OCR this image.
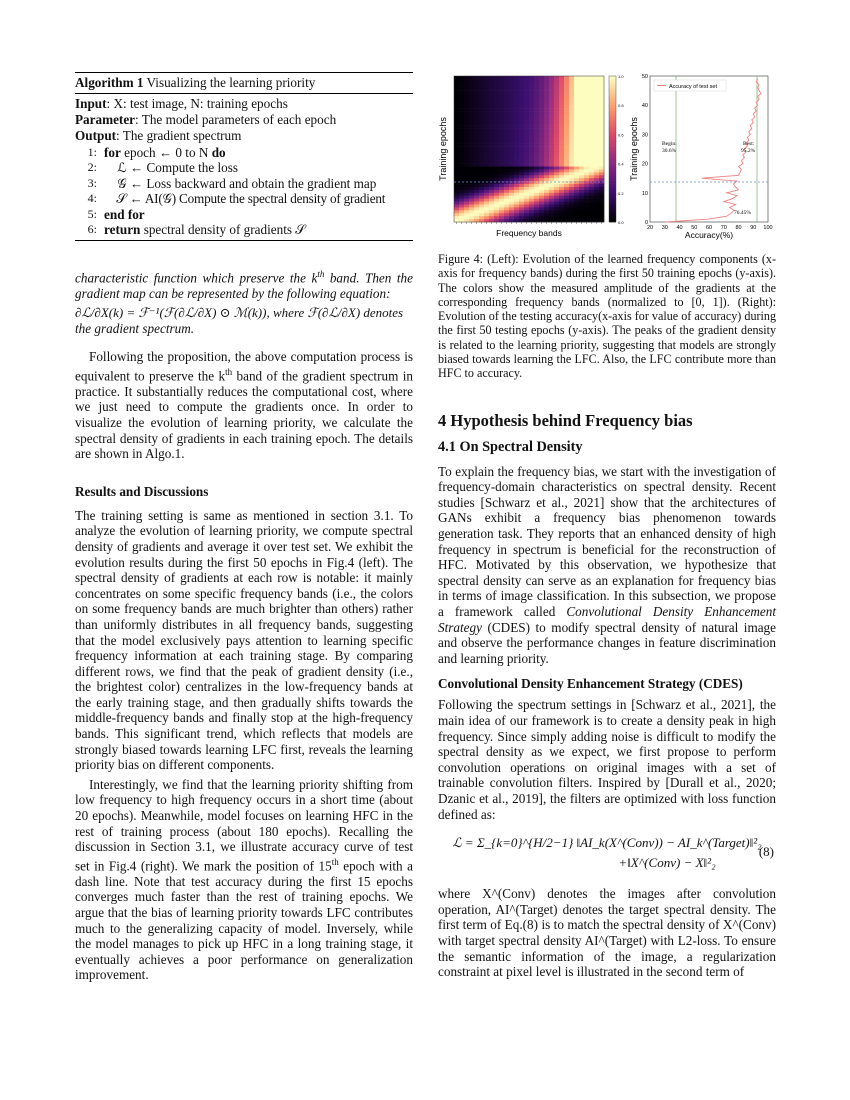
Algorithm 1 Visualizing the learning priority
Input: X: test image, N: training epochs
Parameter: The model parameters of each epoch
Output: The gradient spectrum
1: for epoch ← 0 to N do
2: ℒ ← Compute the loss
3: 𝒢 ← Loss backward and obtain the gradient map
4: 𝒮 ← AI(𝒢) Compute the spectral density of gradient
5: end for
6: return spectral density of gradients 𝒮

characteristic function which preserve the $k^{th}$ band. Then the gradient map can be represented by the following equation:

∂ℒ/∂X(k) = ℱ⁻¹(ℱ(∂ℒ/∂X) ⊙ ℳ(k)), where ℱ(∂ℒ/∂X) denotes

the gradient spectrum.

Following the proposition, the above computation process is equivalent to preserve the $k^{th}$ band of the gradient spectrum in practice. It substantially reduces the computational cost, where we just need to compute the gradients once. In order to visualize the evolution of learning priority, we calculate the spectral density of gradients in each training epoch. The details are shown in Algo.1.

Results and Discussions

The training setting is same as mentioned in section 3.1. To analyze the evolution of learning priority, we compute spectral density of gradients and average it over test set. We exhibit the evolution results during the first 50 epochs in Fig.4 (left). The spectral density of gradients at each row is notable: it mainly concentrates on some specific frequency bands (i.e., the colors on some frequency bands are much brighter than others) rather than uniformly distributes in all frequency bands, suggesting that the model exclusively pays attention to learning specific frequency information at each training stage. By comparing different rows, we find that the peak of gradient density (i.e., the brightest color) centralizes in the low-frequency bands at the early training stage, and then gradually shifts towards the middle-frequency bands and finally stop at the high-frequency bands. This significant trend, which reflects that models are strongly biased towards learning LFC first, reveals the learning priority bias on different components.

Interestingly, we find that the learning priority shifting from low frequency to high frequency occurs in a short time (about 20 epochs). Meanwhile, model focuses on learning HFC in the rest of training process (about 180 epochs). Recalling the discussion in Section 3.1, we illustrate accuracy curve of test set in Fig.4 (right). We mark the position of 15th epoch with a dash line. Note that test accuracy during the first 15 epochs converges much faster than the rest of training epochs. We argue that the bias of learning priority towards LFC contributes much to the generalizing capacity of model. Inversely, while the model manages to pick up HFC in a long training stage, it eventually achieves a poor performance on generalization improvement.

Training epochs
Frequency bands
1.0
0.8
0.6
0.4
0.2
0.0
Training epochs
Accuracy(%)
0
10
20
30
40
50
20 30 40 50 60 70 80 90 100
Accuracy of test set
Begin:
30.6%
Best:
95.2%
76.45%

Figure 4: (Left): Evolution of the learned frequency components (x-axis for frequency bands) during the first 50 training epochs (y-axis). The colors show the measured amplitude of the gradients at the corresponding frequency bands (normalized to [0, 1]). (Right): Evolution of the testing accuracy(x-axis for value of accuracy) during the first 50 testing epochs (y-axis). The peaks of the gradient density is related to the learning priority, suggesting that models are strongly biased towards learning the LFC. Also, the LFC contribute more than HFC to accuracy.

4 Hypothesis behind Frequency bias
4.1 On Spectral Density

To explain the frequency bias, we start with the investigation of frequency-domain characteristics on spectral density. Recent studies [Schwarz et al., 2021] show that the architectures of GANs exhibit a frequency bias phenomenon towards generation task. They reports that an enhanced density of high frequency in spectrum is beneficial for the reconstruction of HFC. Motivated by this observation, we hypothesize that spectral density can serve as an explanation for frequency bias in terms of image classification. In this subsection, we propose a framework called Convolutional Density Enhancement Strategy (CDES) to modify spectral density of natural image and observe the performance changes in feature discrimination and learning priority.

Convolutional Density Enhancement Strategy (CDES)

Following the spectrum settings in [Schwarz et al., 2021], the main idea of our framework is to create a density peak in high frequency. Since simply adding noise is difficult to modify the spectral density as we expect, we first propose to perform convolution operations on original images with a set of trainable convolution filters. Inspired by [Durall et al., 2020; Dzanic et al., 2019], the filters are optimized with loss function defined as:

ℒ = Σ_{k=0}^{H/2−1} ‖AI_k(X^(Conv)) − AI_k^(Target)‖²₂
+‖X^(Conv) − X‖²₂
(8)

where X^(Conv) denotes the images after convolution operation, AI^(Target) denotes the target spectral density. The first term of Eq.(8) is to match the spectral density of X^(Conv) with target spectral density AI^(Target) with L2-loss. To ensure the semantic information of the image, a regularization constraint at pixel level is illustrated in the second term of
